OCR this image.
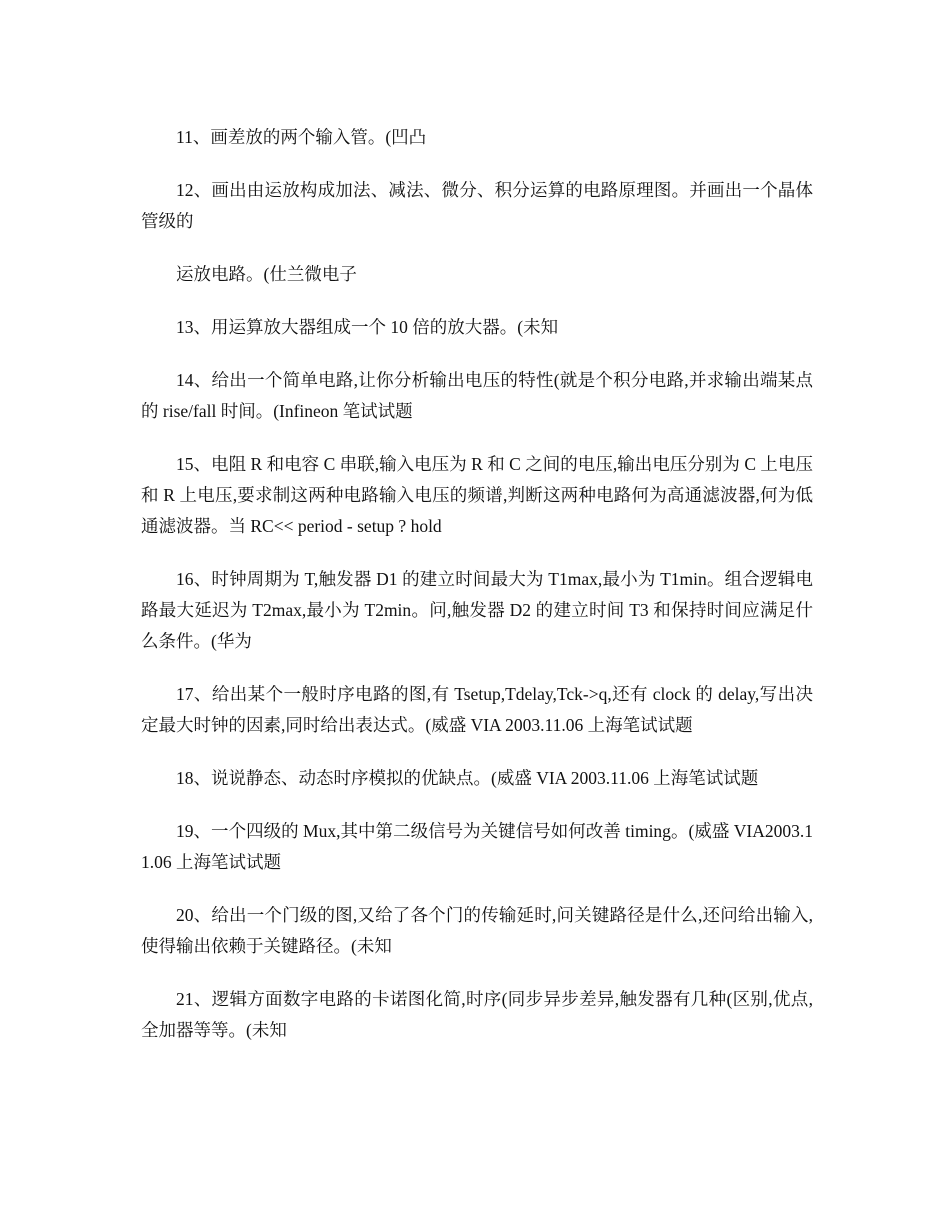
11、画差放的两个输入管。(凹凸

12、画出由运放构成加法、减法、微分、积分运算的电路原理图。并画出一个晶体管级的

运放电路。(仕兰微电子

13、用运算放大器组成一个 10 倍的放大器。(未知

14、给出一个简单电路,让你分析输出电压的特性(就是个积分电路,并求输出端某点的 rise/fall 时间。(Infineon 笔试试题

15、电阻 R 和电容 C 串联,输入电压为 R 和 C 之间的电压,输出电压分别为 C 上电压和 R 上电压,要求制这两种电路输入电压的频谱,判断这两种电路何为高通滤波器,何为低通滤波器。当 RC<< period - setup ? hold

16、时钟周期为 T,触发器 D1 的建立时间最大为 T1max,最小为 T1min。组合逻辑电路最大延迟为 T2max,最小为 T2min。问,触发器 D2 的建立时间 T3 和保持时间应满足什么条件。(华为

17、给出某个一般时序电路的图,有 Tsetup,Tdelay,Tck->q,还有 clock 的 delay,写出决定最大时钟的因素,同时给出表达式。(威盛 VIA 2003.11.06 上海笔试试题

18、说说静态、动态时序模拟的优缺点。(威盛 VIA 2003.11.06 上海笔试试题

19、一个四级的 Mux,其中第二级信号为关键信号如何改善 timing。(威盛 VIA2003.11.06 上海笔试试题

20、给出一个门级的图,又给了各个门的传输延时,问关键路径是什么,还问给出输入,使得输出依赖于关键路径。(未知

21、逻辑方面数字电路的卡诺图化简,时序(同步异步差异,触发器有几种(区别,优点,全加器等等。(未知
